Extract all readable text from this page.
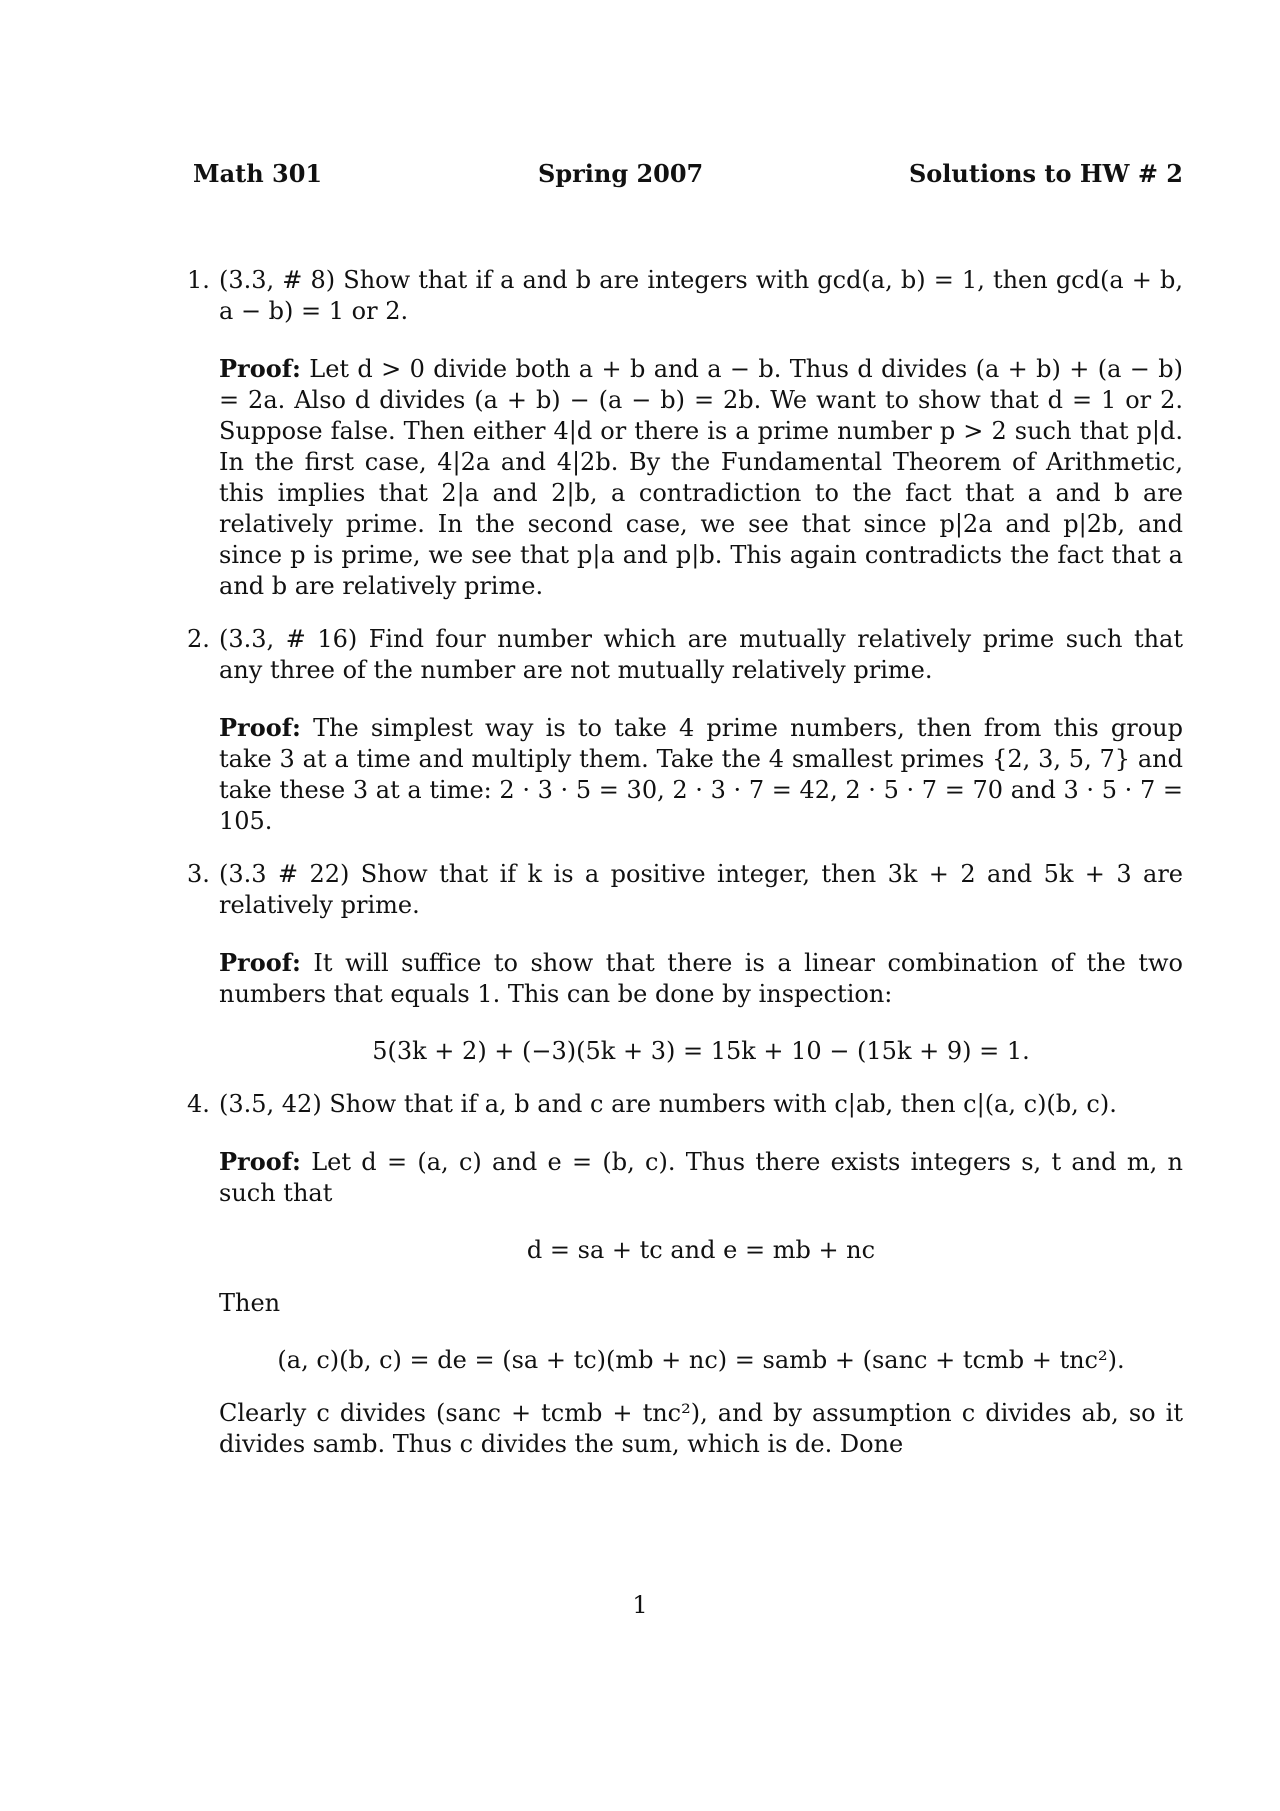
Math 301	Spring 2007	Solutions to HW # 2
1. (3.3, # 8) Show that if a and b are integers with gcd(a, b) = 1, then gcd(a + b, a − b) = 1 or 2.
Proof: Let d > 0 divide both a + b and a − b. Thus d divides (a + b) + (a − b) = 2a. Also d divides (a + b) − (a − b) = 2b. We want to show that d = 1 or 2. Suppose false. Then either 4|d or there is a prime number p > 2 such that p|d. In the first case, 4|2a and 4|2b. By the Fundamental Theorem of Arithmetic, this implies that 2|a and 2|b, a contradiction to the fact that a and b are relatively prime. In the second case, we see that since p|2a and p|2b, and since p is prime, we see that p|a and p|b. This again contradicts the fact that a and b are relatively prime.
2. (3.3, # 16) Find four number which are mutually relatively prime such that any three of the number are not mutually relatively prime.
Proof: The simplest way is to take 4 prime numbers, then from this group take 3 at a time and multiply them. Take the 4 smallest primes {2, 3, 5, 7} and take these 3 at a time: 2 · 3 · 5 = 30, 2 · 3 · 7 = 42, 2 · 5 · 7 = 70 and 3 · 5 · 7 = 105.
3. (3.3 # 22) Show that if k is a positive integer, then 3k + 2 and 5k + 3 are relatively prime.
Proof: It will suffice to show that there is a linear combination of the two numbers that equals 1. This can be done by inspection:
5(3k + 2) + (−3)(5k + 3) = 15k + 10 − (15k + 9) = 1.
4. (3.5, 42) Show that if a, b and c are numbers with c|ab, then c|(a, c)(b, c).
Proof: Let d = (a, c) and e = (b, c). Thus there exists integers s, t and m, n such that
d = sa + tc and e = mb + nc
Then
(a, c)(b, c) = de = (sa + tc)(mb + nc) = samb + (sanc + tcmb + tnc²).
Clearly c divides (sanc + tcmb + tnc²), and by assumption c divides ab, so it divides samb. Thus c divides the sum, which is de. Done
1
